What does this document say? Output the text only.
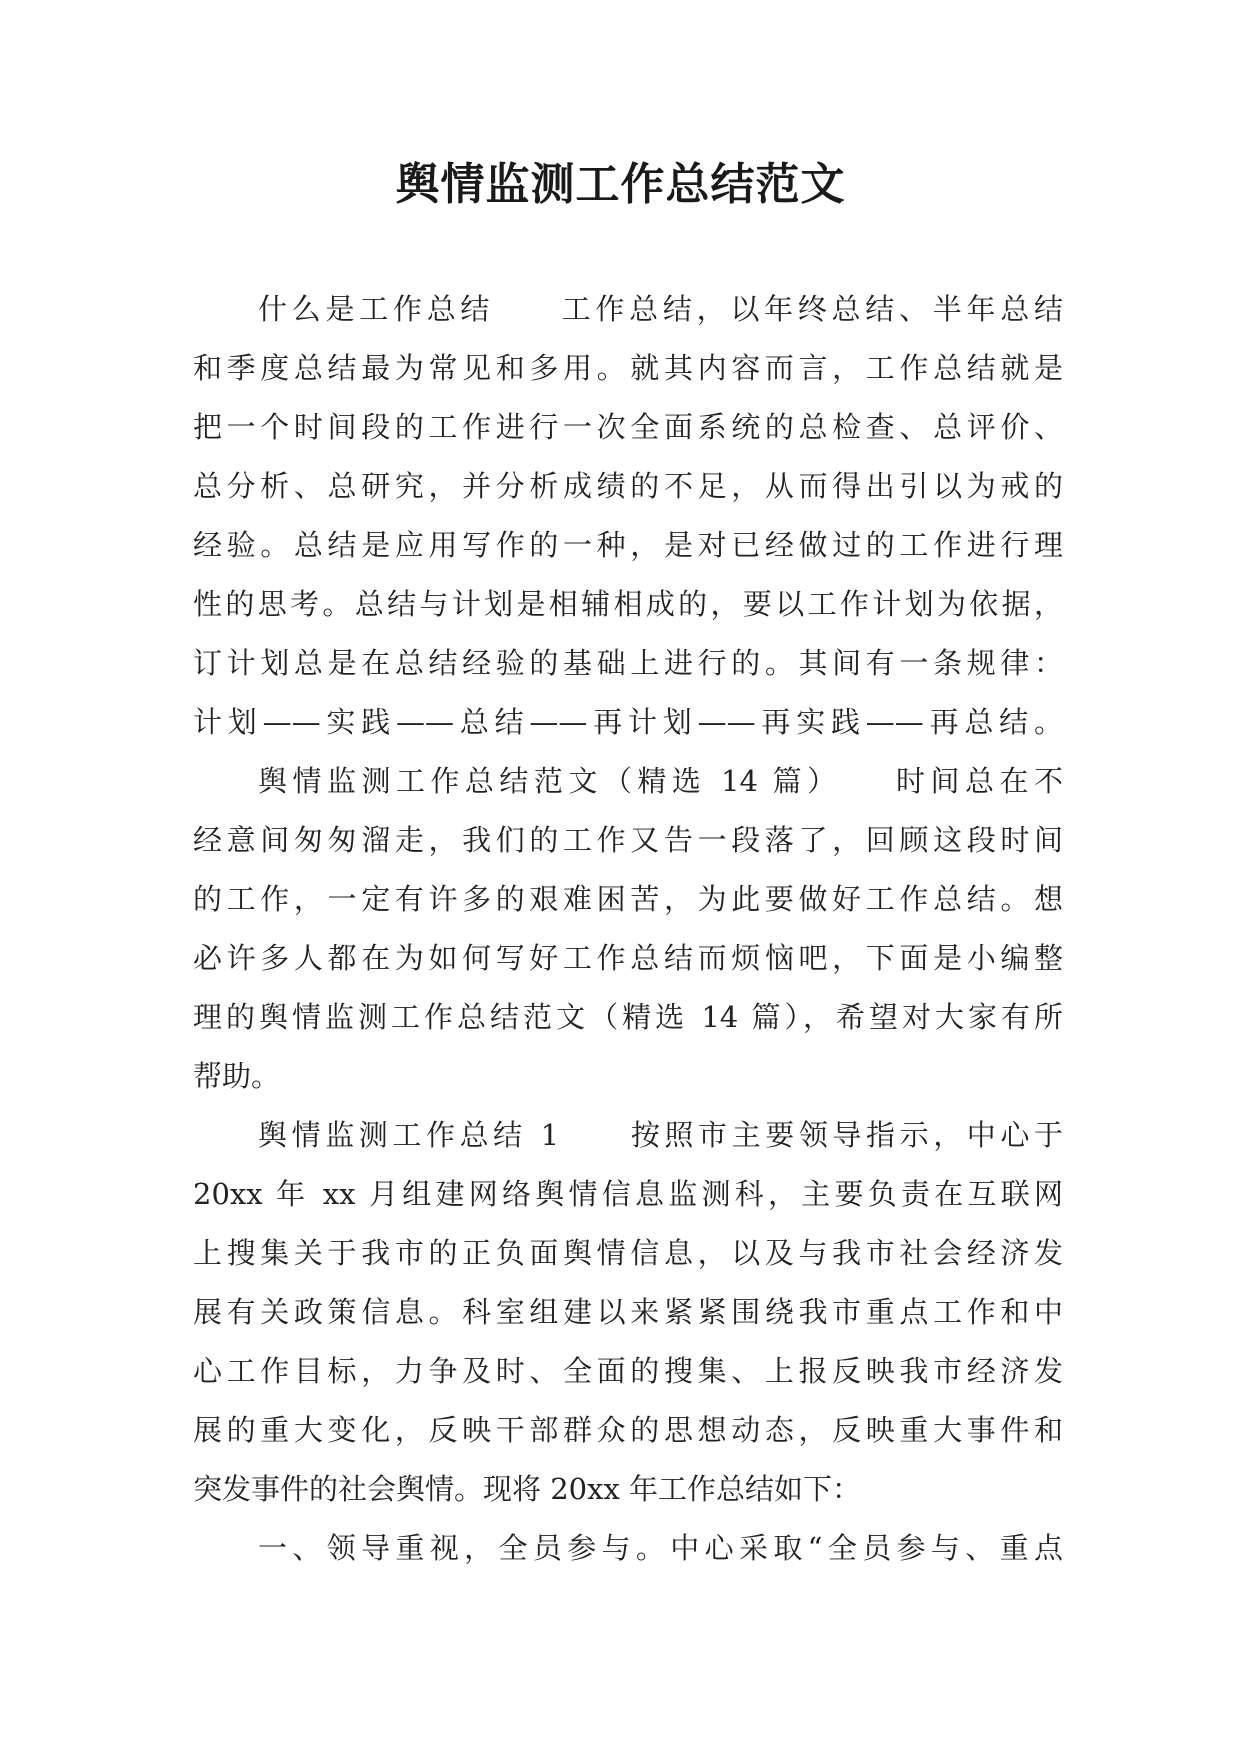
舆情监测工作总结范文
什么是工作总结　　工作总结，以年终总结、半年总结
和季度总结最为常见和多用。就其内容而言，工作总结就是
把一个时间段的工作进行一次全面系统的总检查、总评价、
总分析、总研究，并分析成绩的不足，从而得出引以为戒的
经验。总结是应用写作的一种，是对已经做过的工作进行理
性的思考。总结与计划是相辅相成的，要以工作计划为依据，
订计划总是在总结经验的基础上进行的。其间有一条规律：
计划——实践——总结——再计划——再实践——再总结。
舆情监测工作总结范文（精选 14 篇）　　时间总在不
经意间匆匆溜走，我们的工作又告一段落了，回顾这段时间
的工作，一定有许多的艰难困苦，为此要做好工作总结。想
必许多人都在为如何写好工作总结而烦恼吧，下面是小编整
理的舆情监测工作总结范文（精选 14 篇），希望对大家有所
帮助。
舆情监测工作总结 1　　按照市主要领导指示，中心于
20xx 年 xx 月组建网络舆情信息监测科，主要负责在互联网
上搜集关于我市的正负面舆情信息，以及与我市社会经济发
展有关政策信息。科室组建以来紧紧围绕我市重点工作和中
心工作目标，力争及时、全面的搜集、上报反映我市经济发
展的重大变化，反映干部群众的思想动态，反映重大事件和
突发事件的社会舆情。现将 20xx 年工作总结如下：
一、领导重视，全员参与。中心采取“全员参与、重点
